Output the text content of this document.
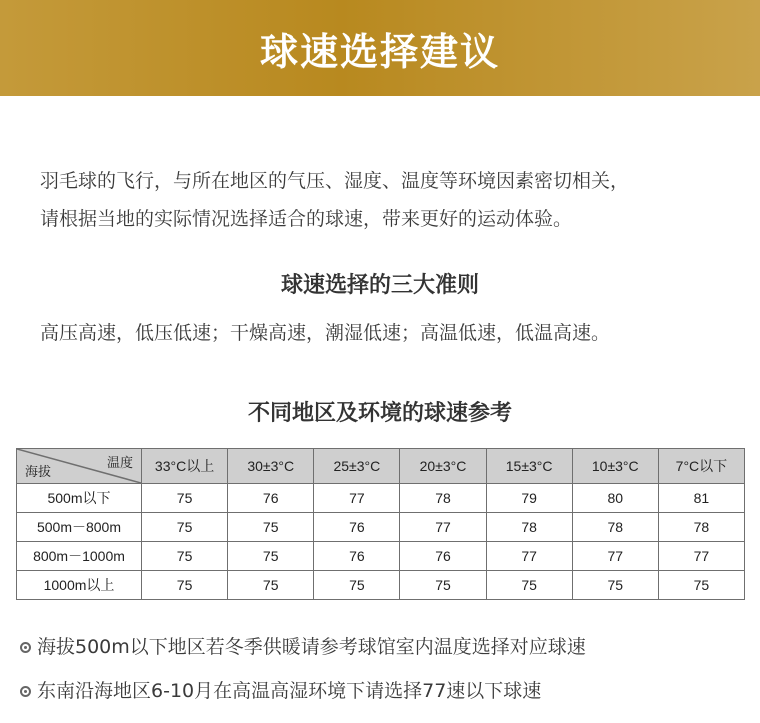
球速选择建议

羽毛球的飞行，与所在地区的气压、湿度、温度等环境因素密切相关，

请根据当地的实际情况选择适合的球速，带来更好的运动体验。

球速选择的三大准则
高压高速，低压低速；干燥高速，潮湿低速；高温低速，低温高速。
不同地区及环境的球速参考
温度
海拔	33°C以上	30±3°C	25±3°C	20±3°C	15±3°C	10±3°C	7°C以下
500m以下	75	76	77	78	79	80	81
500m－800m	75	75	76	77	78	78	78
800m－1000m	75	75	76	76	77	77	77
1000m以上	75	75	75	75	75	75	75
海拔500m以下地区若冬季供暖请参考球馆室内温度选择对应球速
东南沿海地区6-10月在高温高湿环境下请选择77速以下球速
